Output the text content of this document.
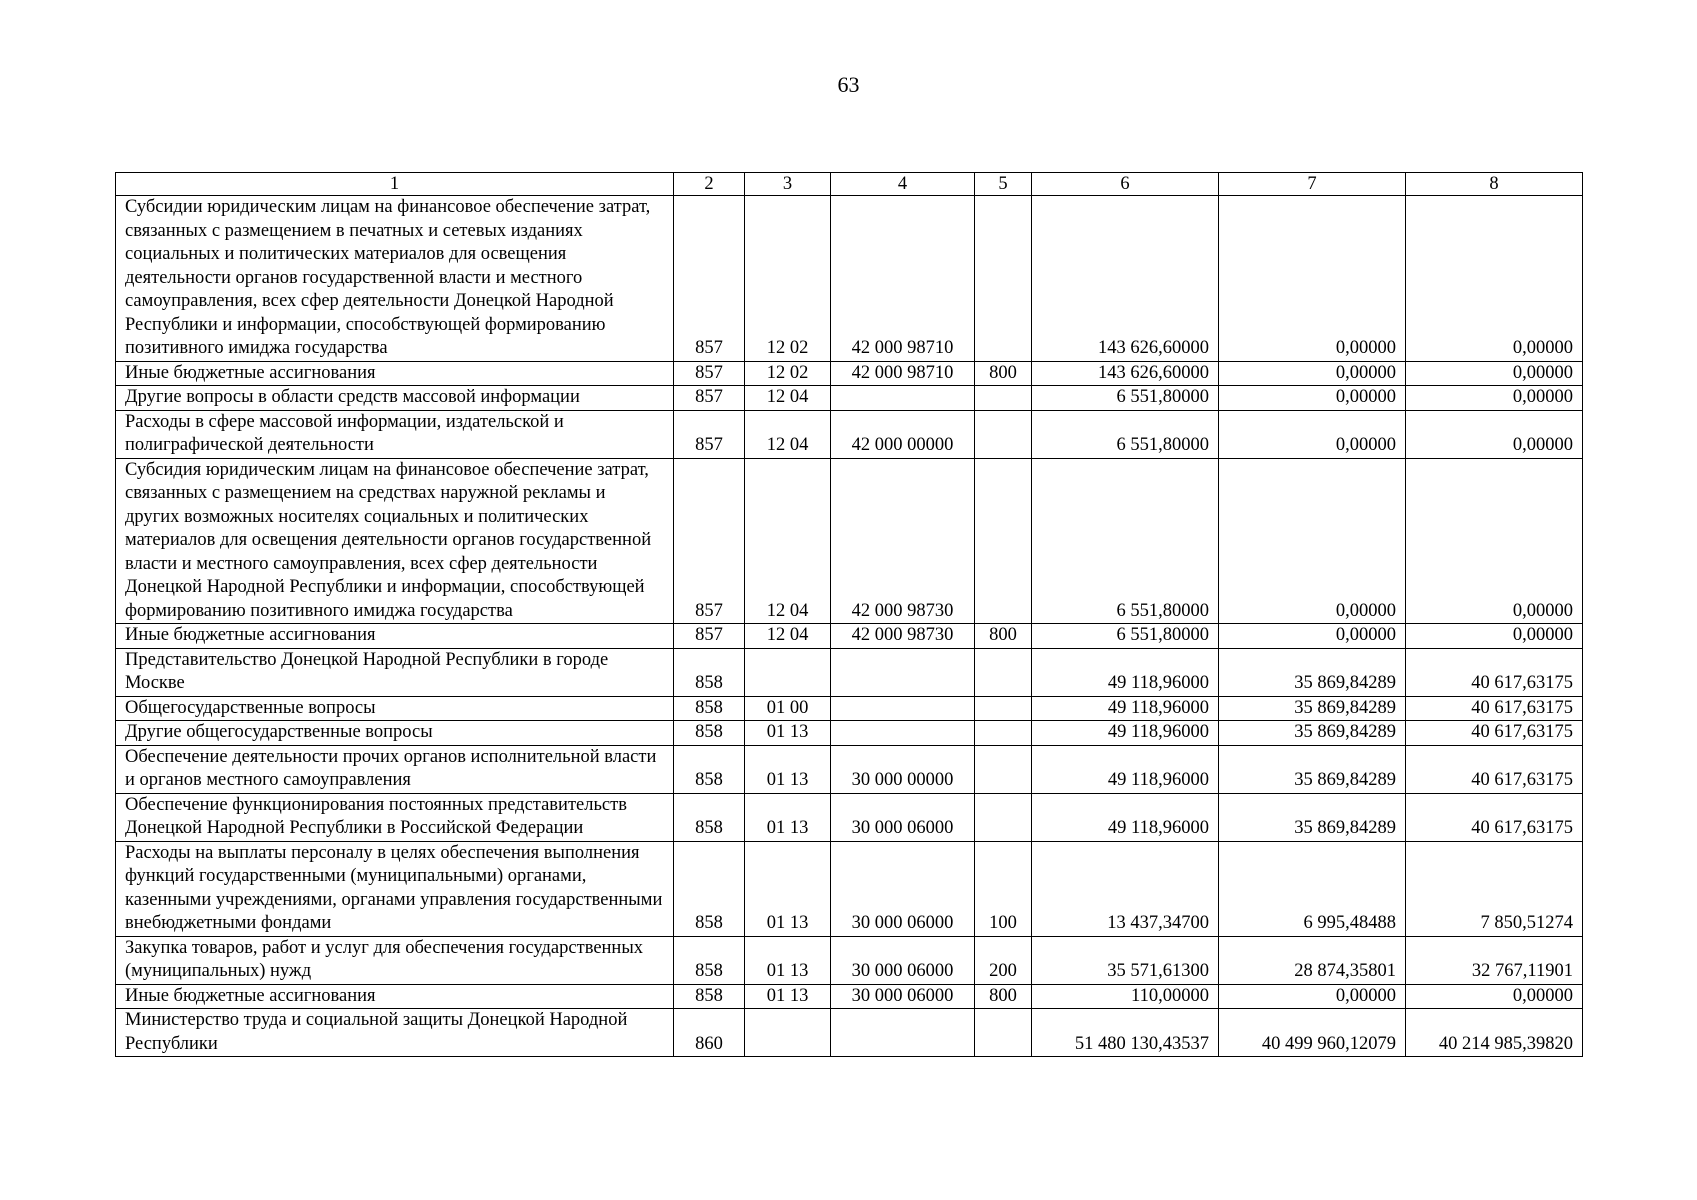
63
1	2	3	4	5	6	7	8
Субсидии юридическим лицам на финансовое обеспечение затрат, связанных с размещением в печатных и сетевых изданиях социальных и политических материалов для освещения деятельности органов государственной власти и местного самоуправления, всех сфер деятельности Донецкой Народной Республики и информации, способствующей формированию позитивного имиджа государства	857	12 02	42 000 98710		143 626,60000	0,00000	0,00000
Иные бюджетные ассигнования	857	12 02	42 000 98710	800	143 626,60000	0,00000	0,00000
Другие вопросы в области средств массовой информации	857	12 04			6 551,80000	0,00000	0,00000
Расходы в сфере массовой информации, издательской и полиграфической деятельности	857	12 04	42 000 00000		6 551,80000	0,00000	0,00000
Субсидия юридическим лицам на финансовое обеспечение затрат, связанных с размещением на средствах наружной рекламы и других возможных носителях социальных и политических материалов для освещения деятельности органов государственной власти и местного самоуправления, всех сфер деятельности Донецкой Народной Республики и информации, способствующей формированию позитивного имиджа государства	857	12 04	42 000 98730		6 551,80000	0,00000	0,00000
Иные бюджетные ассигнования	857	12 04	42 000 98730	800	6 551,80000	0,00000	0,00000
Представительство Донецкой Народной Республики в городе Москве	858				49 118,96000	35 869,84289	40 617,63175
Общегосударственные вопросы	858	01 00			49 118,96000	35 869,84289	40 617,63175
Другие общегосударственные вопросы	858	01 13			49 118,96000	35 869,84289	40 617,63175
Обеспечение деятельности прочих органов исполнительной власти и органов местного самоуправления	858	01 13	30 000 00000		49 118,96000	35 869,84289	40 617,63175
Обеспечение функционирования постоянных представительств Донецкой Народной Республики в Российской Федерации	858	01 13	30 000 06000		49 118,96000	35 869,84289	40 617,63175
Расходы на выплаты персоналу в целях обеспечения выполнения функций государственными (муниципальными) органами, казенными учреждениями, органами управления государственными внебюджетными фондами	858	01 13	30 000 06000	100	13 437,34700	6 995,48488	7 850,51274
Закупка товаров, работ и услуг для обеспечения государственных (муниципальных) нужд	858	01 13	30 000 06000	200	35 571,61300	28 874,35801	32 767,11901
Иные бюджетные ассигнования	858	01 13	30 000 06000	800	110,00000	0,00000	0,00000
Министерство труда и социальной защиты Донецкой Народной Республики	860				51 480 130,43537	40 499 960,12079	40 214 985,39820
